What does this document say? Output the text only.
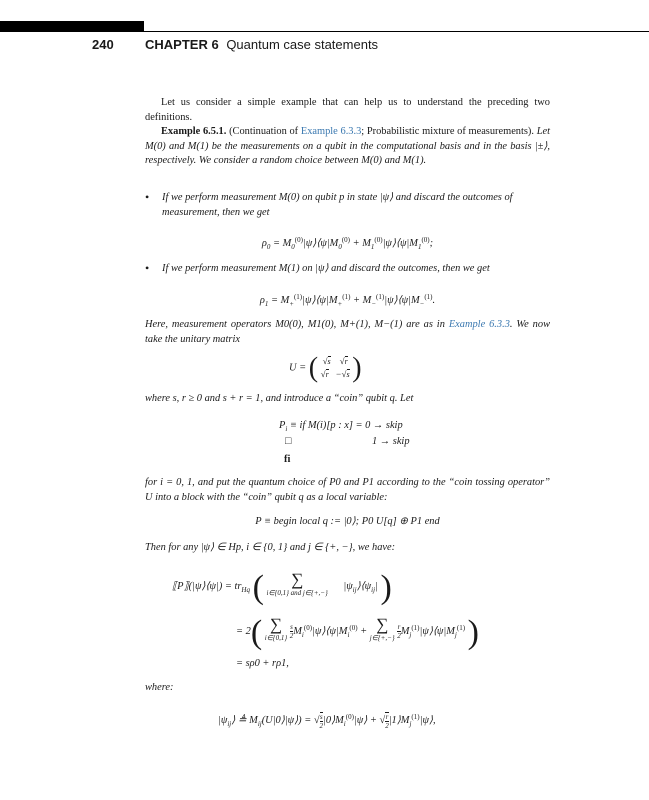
240 CHAPTER 6 Quantum case statements
Let us consider a simple example that can help us to understand the preceding two definitions.
Example 6.5.1. (Continuation of Example 6.3.3; Probabilistic mixture of measurements). Let M(0) and M(1) be the measurements on a qubit in the computational basis and in the basis |±⟩, respectively. We consider a random choice between M(0) and M(1).
• If we perform measurement M(0) on qubit p in state |ψ⟩ and discard the outcomes of measurement, then we get
$\rho_0$ = $M_0^{(0)}|\psi⟩⟨\psi|M_0^{(0)}$ + $M_1^{(0)}|\psi⟩⟨\psi|M_1^{(0)}$;
• If we perform measurement M(1) on |ψ⟩ and discard the outcomes, then we get
$\rho_1$ = $M_+^{(1)}|\psi⟩⟨\psi|M_+^{(1)}$ + $M_-^{(1)}|\psi⟩⟨\psi|M_-^{(1)}$.
Here, measurement operators M0(0), M1(0), M+(1), M−(1) are as in Example 6.3.3. We now take the unitary matrix
U = ( √s    √r
√r   −√s )
where s, r ≥ 0 and s + r = 1, and introduce a “coin” qubit q. Let
$P_i$ ≡ if M(i)[p : x] = 0 → skip
□	1 → skip
fi
for i = 0, 1, and put the quantum choice of P0 and P1 according to the “coin tossing operator” U into a block with the “coin” qubit q as a local variable:
P ≡ begin local q := |0⟩; P0 U[q] ⊕ P1 end
Then for any |ψ⟩ ∈ Hp, i ∈ {0, 1} and j ∈ {+, −}, we have:
⟦P⟧(|ψ⟩⟨ψ|) = $tr_{Hq}$ ( ∑
i∈{0,1} and j∈{+,−}      $|\psi_{ij}⟩⟨\psi_{ij}|$ )
= 2( ∑
i∈{0,1} $\frac{s}{2}$ $M_i^{(0)}|\psi⟩⟨\psi|M_i^{(0)}$ + ∑
j∈{+,−} $\frac{r}{2}$ $M_j^{(1)}|\psi⟩⟨\psi|M_j^{(1)}$ )
= sρ0 + rρ1,
where:
$|\psi_{ij}⟩$ ≜ $M_{ij}(U|0⟩|\psi⟩)$ = √ $\frac{s}{2}$ $|0⟩M_i^{(0)}|\psi⟩$ + √ $\frac{r}{2}$ $|1⟩M_j^{(1)}|\psi⟩$,
